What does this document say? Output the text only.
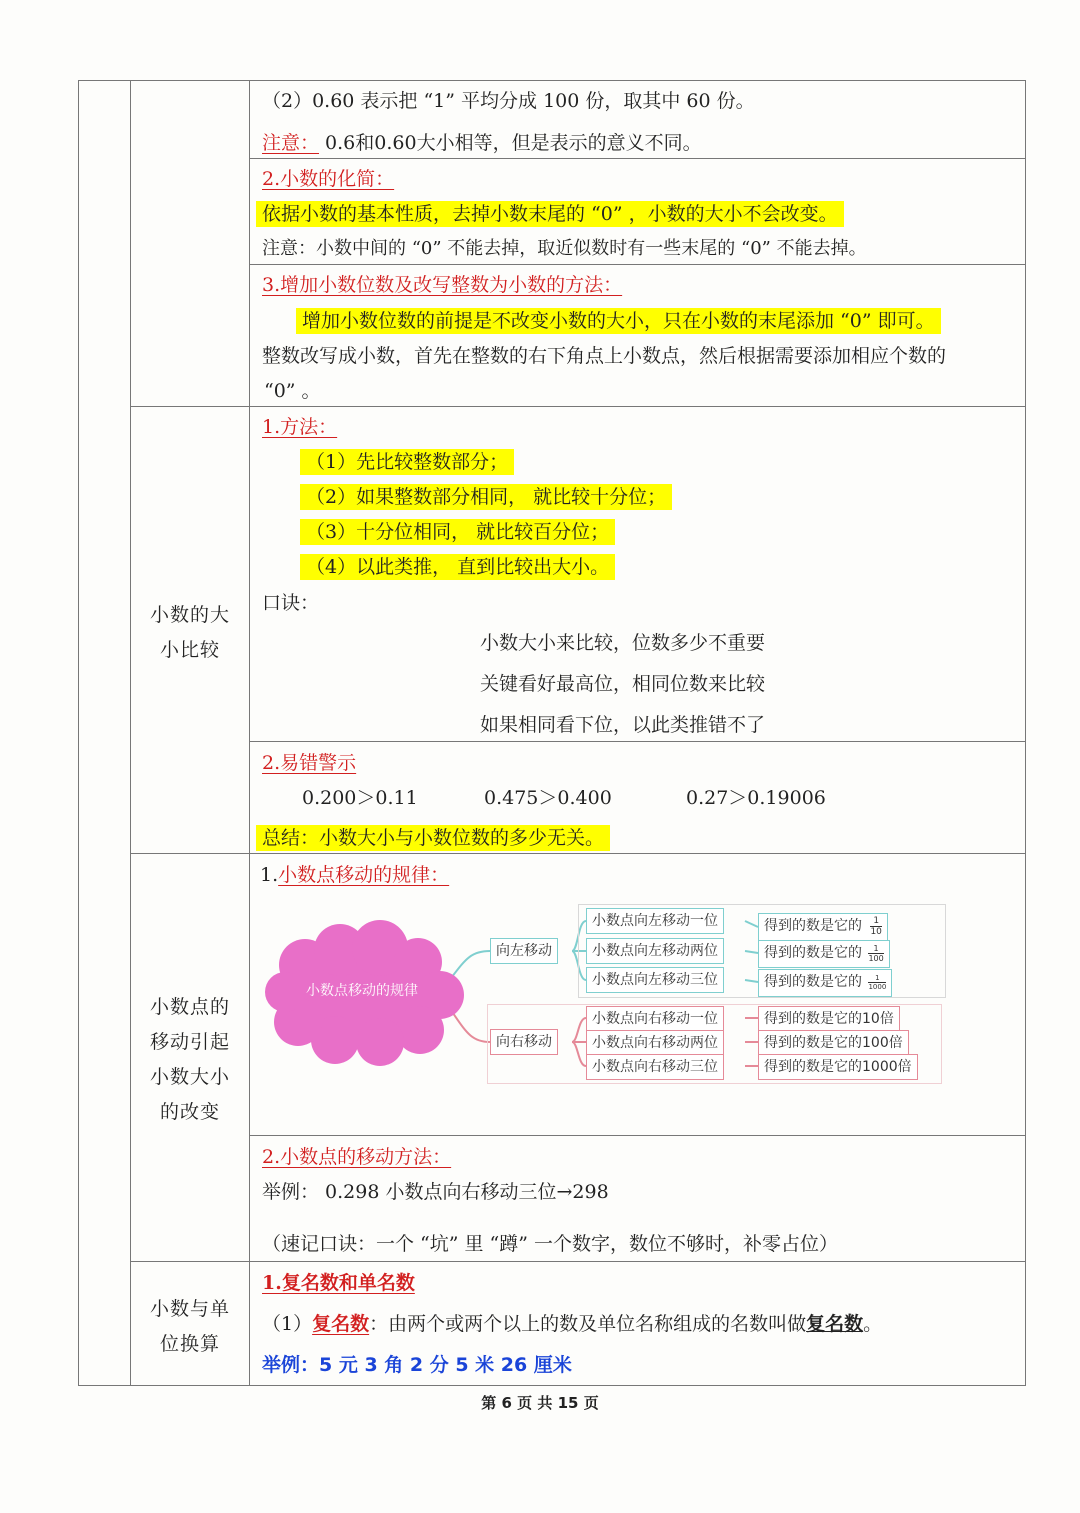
（2）0.60 表示把 “1” 平均分成 100 份，取其中 60 份。
注意： 0.6和0.60大小相等，但是表示的意义不同。
2.小数的化简：
依据小数的基本性质，去掉小数末尾的 “0” ，小数的大小不会改变。
注意：小数中间的 “0” 不能去掉，取近似数时有一些末尾的 “0” 不能去掉。
3.增加小数位数及改写整数为小数的方法：
增加小数位数的前提是不改变小数的大小，只在小数的末尾添加 “0” 即可。
整数改写成小数，首先在整数的右下角点上小数点，然后根据需要添加相应个数的
“0” 。
小数的大
小比较
1.方法：
（1）先比较整数部分；
（2）如果整数部分相同， 就比较十分位；
（3）十分位相同， 就比较百分位；
（4）以此类推， 直到比较出大小。
口诀：
小数大小来比较，位数多少不重要
关键看好最高位，相同位数来比较
如果相同看下位，以此类推错不了
2.易错警示
0.200＞0.11	0.475＞0.400	0.27＞0.19006
总结：小数大小与小数位数的多少无关。
小数点的
移动引起
小数大小
的改变
1.小数点移动的规律：
小数点移动的规律
向左移动
小数点向左移动一位
小数点向左移动两位
小数点向左移动三位
得到的数是它的 $\frac{1}{10}$
得到的数是它的 $\frac{1}{100}$
得到的数是它的 $\frac{1}{1000}$
向右移动
小数点向右移动一位
小数点向右移动两位
小数点向右移动三位
得到的数是它的10倍
得到的数是它的100倍
得到的数是它的1000倍
2.小数点的移动方法：
举例： 0.298 小数点向右移动三位→298
（速记口诀：一个 “坑” 里 “蹲” 一个数字，数位不够时，补零占位）
小数与单
位换算
1.复名数和单名数
（1）复名数：由两个或两个以上的数及单位名称组成的名数叫做复名数。
举例：5 元 3 角 2 分 5 米 26 厘米
第 6 页 共 15 页
